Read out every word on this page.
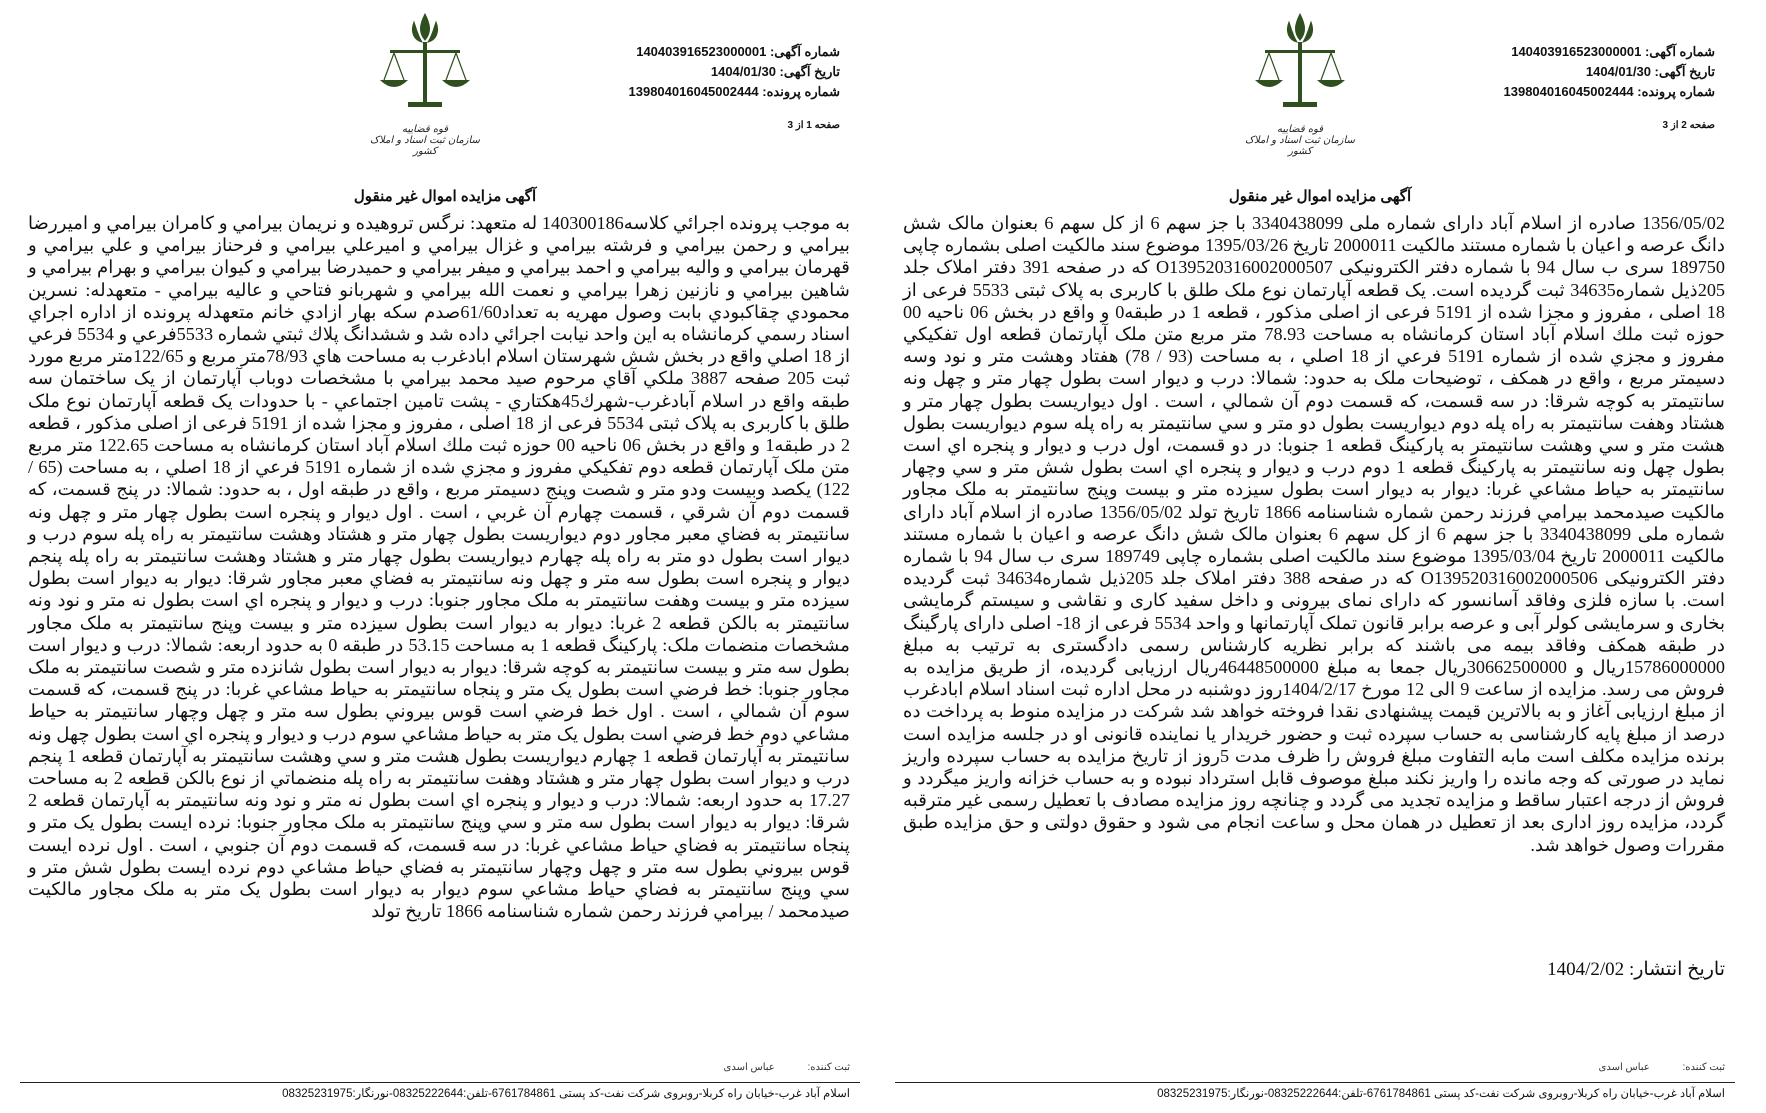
شماره آگهی: 140403916523000001
تاریخ آگهی: 1404/01/30
شماره پرونده: 139804016045002444
صفحه 2 از 3
قوه قضاییه
سازمان ثبت اسناد و املاک کشور
آگهی مزایده اموال غیر منقول
1356/05/02 صادره از اسلام آباد دارای شماره ملی 3340438099 با جز سهم 6 از کل سهم 6 بعنوان مالک شش دانگ عرصه و اعیان با شماره مستند مالکیت 2000011 تاریخ 1395/03/26 موضوع سند مالکیت اصلی بشماره چاپی 189750 سری ب سال 94 با شماره دفتر الکترونیکی O139520316002000507 که در صفحه 391 دفتر املاک جلد 205ذیل شماره34635 ثبت گردیده است. یک قطعه آپارتمان نوع ملک طلق با کاربری به پلاک ثبتی 5533 فرعی از 18 اصلی ، مفروز و مجزا شده از 5191 فرعی از اصلی مذکور ، قطعه 1 در طبقه0 و واقع در بخش 06 ناحیه 00 حوزه ثبت ملك اسلام آباد استان کرمانشاه به مساحت 78.93 متر مربع متن ملک آپارتمان قطعه اول تفکیکي مفروز و مجزي شده از شماره 5191 فرعي از 18 اصلي ، به مساحت (93 / 78) هفتاد وهشت متر و نود وسه دسيمتر مربع ، واقع در همکف ، توضیحات ملک به حدود: شمالا: درب و ديوار است بطول چهار متر و چهل ونه سانتيمتر به کوچه شرقا: در سه قسمت، که قسمت دوم آن شمالي ، است . اول ديواريست بطول چهار متر و هشتاد وهفت سانتيمتر به راه پله دوم ديواريست بطول دو متر و سي سانتيمتر به راه پله سوم ديواريست بطول هشت متر و سي وهشت سانتيمتر به پارکينگ قطعه 1 جنوبا: در دو قسمت، اول درب و ديوار و پنجره اي است بطول چهل ونه سانتيمتر به پارکينگ قطعه 1 دوم درب و ديوار و پنجره اي است بطول شش متر و سي وچهار سانتيمتر به حياط مشاعي غربا: ديوار به ديوار است بطول سيزده متر و بيست وپنج سانتيمتر به ملک مجاور مالکيت صيدمحمد بيرامي فرزند رحمن شماره شناسنامه 1866 تاریخ تولد 1356/05/02 صادره از اسلام آباد دارای شماره ملی 3340438099 با جز سهم 6 از کل سهم 6 بعنوان مالک شش دانگ عرصه و اعیان با شماره مستند مالکیت 2000011 تاریخ 1395/03/04 موضوع سند مالکیت اصلی بشماره چاپی 189749 سری ب سال 94 با شماره دفتر الکترونیکی O139520316002000506 که در صفحه 388 دفتر املاک جلد 205ذیل شماره34634 ثبت گردیده است. با سازه فلزی وفاقد آسانسور که دارای نمای بیرونی و داخل سفید کاری و نقاشی و سیستم گرمایشی بخاری و سرمایشی کولر آبی و عرصه برابر قانون تملک آپارتمانها و واحد 5534 فرعی از 18- اصلی دارای پارگینگ در طبقه همکف وفاقد بیمه می باشند که برابر نظریه کارشناس رسمی دادگستری به ترتیب به مبلغ 15786000000ریال و 30662500000ریال جمعا به مبلغ 46448500000ریال ارزیابی گردیده، از طریق مزایده به فروش می رسد. مزایده از ساعت 9 الی 12 مورخ 1404/2/17روز دوشنبه در محل اداره ثبت اسناد اسلام ابادغرب از مبلغ ارزیابی آغاز و به بالاترین قیمت پیشنهادی نقدا فروخته خواهد شد شرکت در مزایده منوط به پرداخت ده درصد از مبلغ پایه کارشناسی به حساب سپرده ثبت و حضور خریدار یا نماینده قانونی او در جلسه مزایده است برنده مزایده مکلف است مابه التفاوت مبلغ فروش را ظرف مدت 5روز از تاریخ مزایده به حساب سپرده واریز نماید در صورتی که وجه مانده را واریز نکند مبلغ موصوف قابل استرداد نبوده و به حساب خزانه واریز میگردد و فروش از درجه اعتبار ساقط و مزایده تجدید می گردد و چنانچه روز مزایده مصادف با تعطیل رسمی غیر مترقبه گردد، مزایده روز اداری بعد از تعطیل در همان محل و ساعت انجام می شود و حقوق دولتی و حق مزایده طبق مقررات وصول خواهد شد.
تاریخ انتشار: 1404/2/02
ثبت کننده: عباس اسدی
اسلام آباد غرب-خیابان راه کربلا-روبروی شرکت نفت-کد پستی 6761784861-تلفن:08325222644-نورنگار:08325231975
شماره آگهی: 140403916523000001
تاریخ آگهی: 1404/01/30
شماره پرونده: 139804016045002444
صفحه 1 از 3
قوه قضاییه
سازمان ثبت اسناد و املاک کشور
آگهی مزایده اموال غیر منقول
به موجب پرونده اجرائي کلاسه140300186 له متعهد: نرگس تروهيده و نريمان بيرامي و کامران بيرامي و اميررضا بيرامي و رحمن بيرامي و فرشته بيرامي و غزال بيرامي و اميرعلي بيرامي و فرحناز بيرامي و علي بيرامي و قهرمان بيرامي و واليه بيرامي و احمد بيرامي و ميفر بيرامي و حميدرضا بيرامي و کيوان بيرامي و بهرام بيرامي و شاهين بيرامي و نازنين زهرا بيرامي و نعمت الله بيرامي و شهربانو فتاحي و عاليه بيرامي - متعهدله: نسرين محمودي چقاكبودي بابت وصول مهريه به تعداد61/60صدم سكه بهار ازادي خانم متعهدله پرونده از اداره اجراي اسناد رسمي كرمانشاه به اين واحد نيابت اجرائي داده شد و ششدانگ پلاك ثبتي شماره 5533فرعي و 5534 فرعي از 18 اصلي واقع در بخش شش شهرستان اسلام ابادغرب به مساحت هاي 78/93متر مربع و 122/65متر مربع مورد ثبت 205 صفحه 3887 ملكي آقاي مرحوم صيد محمد بيرامي با مشخصات دوباب آپارتمان از يک ساختمان سه طبقه واقع در اسلام آبادغرب-شهرك45هكتاري - پشت تامين اجتماعي - با حدودات يک قطعه آپارتمان نوع ملک طلق با کاربری به پلاک ثبتی 5534 فرعی از 18 اصلی ، مفروز و مجزا شده از 5191 فرعی از اصلی مذکور ، قطعه 2 در طبقه1 و واقع در بخش 06 ناحیه 00 حوزه ثبت ملك اسلام آباد استان کرمانشاه به مساحت 122.65 متر مربع متن ملک آپارتمان قطعه دوم تفکيکي مفروز و مجزي شده از شماره 5191 فرعي از 18 اصلي ، به مساحت (65 / 122) يکصد وبيست ودو متر و شصت وپنج دسيمتر مربع ، واقع در طبقه اول ، به حدود: شمالا: در پنج قسمت، که قسمت دوم آن شرقي ، قسمت چهارم آن غربي ، است . اول ديوار و پنجره است بطول چهار متر و چهل ونه سانتيمتر به فضاي معبر مجاور دوم ديواريست بطول چهار متر و هشتاد وهشت سانتيمتر به راه پله سوم درب و ديوار است بطول دو متر به راه پله چهارم ديواريست بطول چهار متر و هشتاد وهشت سانتيمتر به راه پله پنجم ديوار و پنجره است بطول سه متر و چهل ونه سانتيمتر به فضاي معبر مجاور شرقا: ديوار به ديوار است بطول سيزده متر و بيست وهفت سانتيمتر به ملک مجاور جنوبا: درب و ديوار و پنجره اي است بطول نه متر و نود ونه سانتيمتر به بالکن قطعه 2 غربا: ديوار به ديوار است بطول سيزده متر و بيست وپنج سانتيمتر به ملک مجاور مشخصات منضمات ملک: پارکينگ قطعه 1 به مساحت 53.15 در طبقه 0 به حدود اربعه: شمالا: درب و ديوار است بطول سه متر و بيست سانتيمتر به کوچه شرقا: ديوار به ديوار است بطول شانزده متر و شصت سانتيمتر به ملک مجاور جنوبا: خط فرضي است بطول يک متر و پنجاه سانتيمتر به حياط مشاعي غربا: در پنج قسمت، که قسمت سوم آن شمالي ، است . اول خط فرضي است قوس بيروني بطول سه متر و چهل وچهار سانتيمتر به حياط مشاعي دوم خط فرضي است بطول يک متر به حياط مشاعي سوم درب و ديوار و پنجره اي است بطول چهل ونه سانتيمتر به آپارتمان قطعه 1 چهارم ديواريست بطول هشت متر و سي وهشت سانتيمتر به آپارتمان قطعه 1 پنجم درب و ديوار است بطول چهار متر و هشتاد وهفت سانتيمتر به راه پله منضماتي از نوع بالکن قطعه 2 به مساحت 17.27 به حدود اربعه: شمالا: درب و ديوار و پنجره اي است بطول نه متر و نود ونه سانتيمتر به آپارتمان قطعه 2 شرقا: ديوار به ديوار است بطول سه متر و سي وپنج سانتيمتر به ملک مجاور جنوبا: نرده ايست بطول يک متر و پنجاه سانتيمتر به فضاي حياط مشاعي غربا: در سه قسمت، که قسمت دوم آن جنوبي ، است . اول نرده ايست قوس بيروني بطول سه متر و چهل وچهار سانتيمتر به فضاي حياط مشاعي دوم نرده ايست بطول شش متر و سي وپنج سانتيمتر به فضاي حياط مشاعي سوم ديوار به ديوار است بطول يک متر به ملک مجاور مالکيت صيدمحمد / بيرامي فرزند رحمن شماره شناسنامه 1866 تاريخ تولد
ثبت کننده: عباس اسدی
اسلام آباد غرب-خیابان راه کربلا-روبروی شرکت نفت-کد پستی 6761784861-تلفن:08325222644-نورنگار:08325231975
